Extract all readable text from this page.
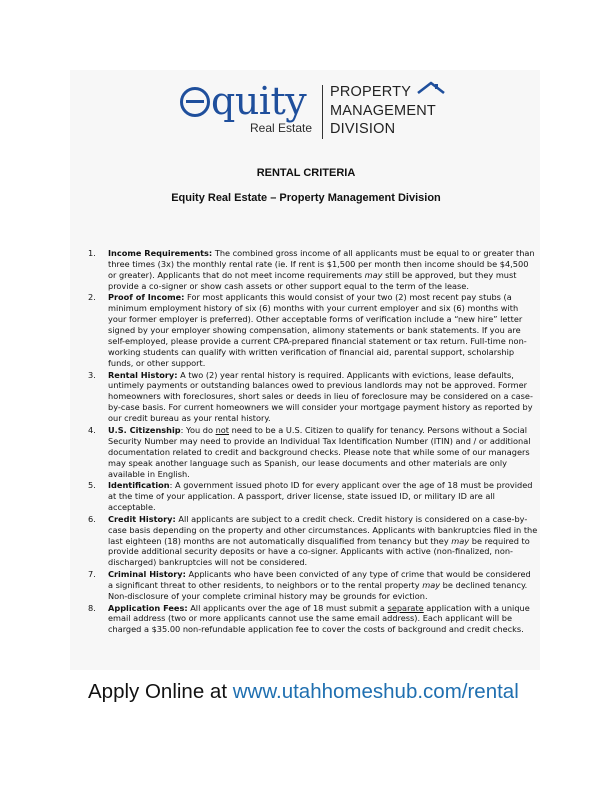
quity
Real Estate
PROPERTY
MANAGEMENT
DIVISION
RENTAL CRITERIA
Equity Real Estate – Property Management Division
1. Income Requirements: The combined gross income of all applicants must be equal to or greater than three times (3x) the monthly rental rate (ie. If rent is $1,500 per month then income should be $4,500 or greater). Applicants that do not meet income requirements may still be approved, but they must provide a co-signer or show cash assets or other support equal to the term of the lease.
2. Proof of Income: For most applicants this would consist of your two (2) most recent pay stubs (a minimum employment history of six (6) months with your current employer and six (6) months with your former employer is preferred). Other acceptable forms of verification include a “new hire” letter signed by your employer showing compensation, alimony statements or bank statements. If you are self-employed, please provide a current CPA-prepared financial statement or tax return. Full-time non-working students can qualify with written verification of financial aid, parental support, scholarship funds, or other support.
3. Rental History: A two (2) year rental history is required. Applicants with evictions, lease defaults, untimely payments or outstanding balances owed to previous landlords may not be approved. Former homeowners with foreclosures, short sales or deeds in lieu of foreclosure may be considered on a case- by-case basis. For current homeowners we will consider your mortgage payment history as reported by our credit bureau as your rental history.
4. U.S. Citizenship: You do not need to be a U.S. Citizen to qualify for tenancy. Persons without a Social Security Number may need to provide an Individual Tax Identification Number (ITIN) and / or additional documentation related to credit and background checks. Please note that while some of our managers may speak another language such as Spanish, our lease documents and other materials are only available in English.
5. Identification: A government issued photo ID for every applicant over the age of 18 must be provided at the time of your application. A passport, driver license, state issued ID, or military ID are all acceptable.
6. Credit History: All applicants are subject to a credit check. Credit history is considered on a case-by- case basis depending on the property and other circumstances. Applicants with bankruptcies filed in the last eighteen (18) months are not automatically disqualified from tenancy but they may be required to provide additional security deposits or have a co-signer. Applicants with active (non-finalized, non-discharged) bankruptcies will not be considered.
7. Criminal History: Applicants who have been convicted of any type of crime that would be considered a significant threat to other residents, to neighbors or to the rental property may be declined tenancy. Non-disclosure of your complete criminal history may be grounds for eviction.
8. Application Fees: All applicants over the age of 18 must submit a separate application with a unique email address (two or more applicants cannot use the same email address). Each applicant will be charged a $35.00 non-refundable application fee to cover the costs of background and credit checks.
Apply Online at www.utahhomeshub.com/rental
